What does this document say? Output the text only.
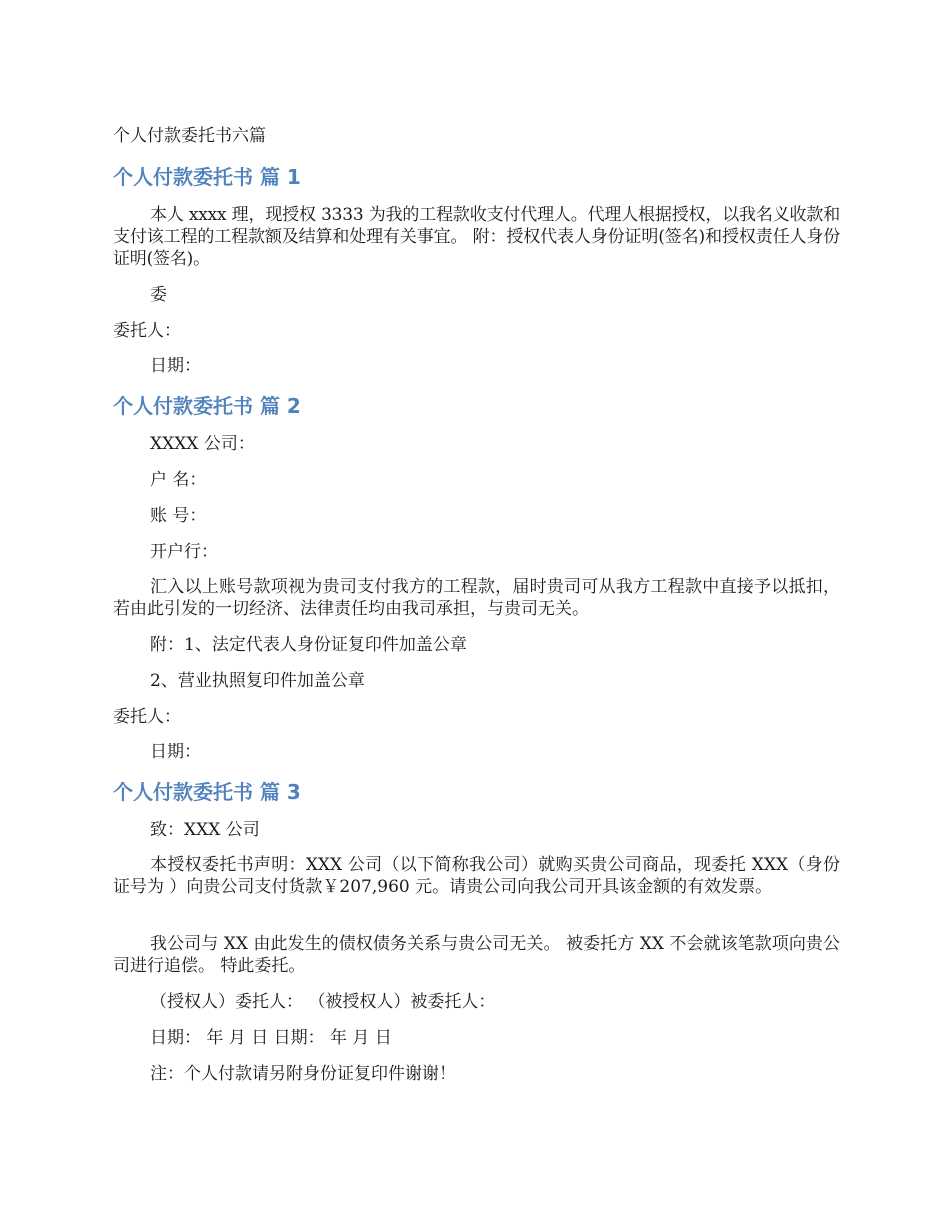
个人付款委托书六篇
个人付款委托书 篇 1
本人 xxxx 理，现授权 3333 为我的工程款收支付代理人。代理人根据授权，以我名义收款和支付该工程的工程款额及结算和处理有关事宜。 附：授权代表人身份证明(签名)和授权责任人身份证明(签名)。
委
委托人：
日期：
个人付款委托书 篇 2
XXXX 公司：
户 名：
账 号：
开户行：
汇入以上账号款项视为贵司支付我方的工程款，届时贵司可从我方工程款中直接予以抵扣，若由此引发的一切经济、法律责任均由我司承担，与贵司无关。
附：1、法定代表人身份证复印件加盖公章
2、营业执照复印件加盖公章
委托人：
日期：
个人付款委托书 篇 3
致：XXX 公司
本授权委托书声明：XXX 公司（以下简称我公司）就购买贵公司商品，现委托 XXX（身份证号为 ）向贵公司支付货款￥207,960 元。请贵公司向我公司开具该金额的有效发票。
我公司与 XX 由此发生的债权债务关系与贵公司无关。 被委托方 XX 不会就该笔款项向贵公司进行追偿。 特此委托。
（授权人）委托人： （被授权人）被委托人：
日期： 年 月 日 日期： 年 月 日
注：个人付款请另附身份证复印件谢谢！
